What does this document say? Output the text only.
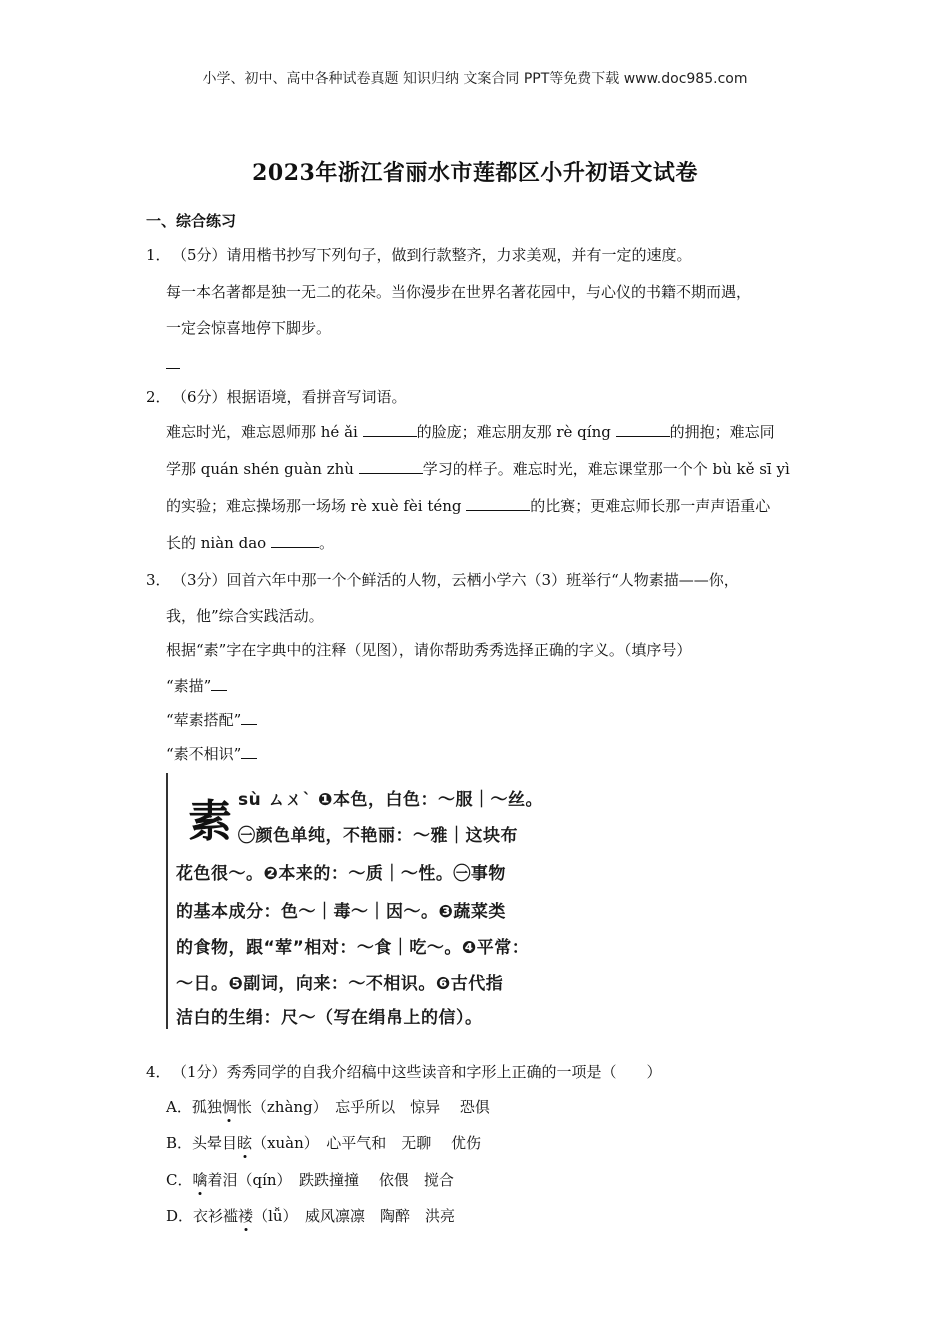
小学、初中、高中各种试卷真题 知识归纳 文案合同 PPT等免费下载 www.doc985.com
2023年浙江省丽水市莲都区小升初语文试卷
一、综合练习
1． （5分）请用楷书抄写下列句子，做到行款整齐，力求美观，并有一定的速度。
每一本名著都是独一无二的花朵。当你漫步在世界名著花园中，与心仪的书籍不期而遇，
一定会惊喜地停下脚步。
2． （6分）根据语境，看拼音写词语。
难忘时光，难忘恩师那 hé ǎi	的脸庞；难忘朋友那 rè qíng	的拥抱；难忘同
学那 quán shén guàn zhù	学习的样子。难忘时光，难忘课堂那一个个 bù kě sī yì
的实验；难忘操场那一场场 rè xuè fèi téng	的比赛；更难忘师长那一声声语重心
长的 niàn dao	。
3． （3分）回首六年中那一个个鲜活的人物，云栖小学六（3）班举行“人物素描——你，
我，他”综合实践活动。
根据“素”字在字典中的注释（见图），请你帮助秀秀选择正确的字义。（填序号）
“素描”
“荤素搭配”
“素不相识”
素 sù ㄙㄨˋ ❶本色，白色：～服｜～丝。
㊀颜色单纯，不艳丽：～雅｜这块布
花色很～。❷本来的：～质｜～性。㊀事物
的基本成分：色～｜毒～｜因～。❸蔬菜类
的食物，跟“荤”相对：～食｜吃～。❹平常：
～日。❺副词，向来：～不相识。❻古代指
洁白的生绢：尺～（写在绢帛上的信）。
4． （1分）秀秀同学的自我介绍稿中这些读音和字形上正确的一项是（　　）
A．孤独惆怅（zhàng）　忘乎所以　惊异　 恐俱
B．头晕目眩（xuàn）　心平气和　无聊　 优伤
C．噙着泪（qín）　跌跌撞撞　 依偎　搅合
D．衣衫褴褛（lǚ）　威风凛凛　陶醉　洪亮
